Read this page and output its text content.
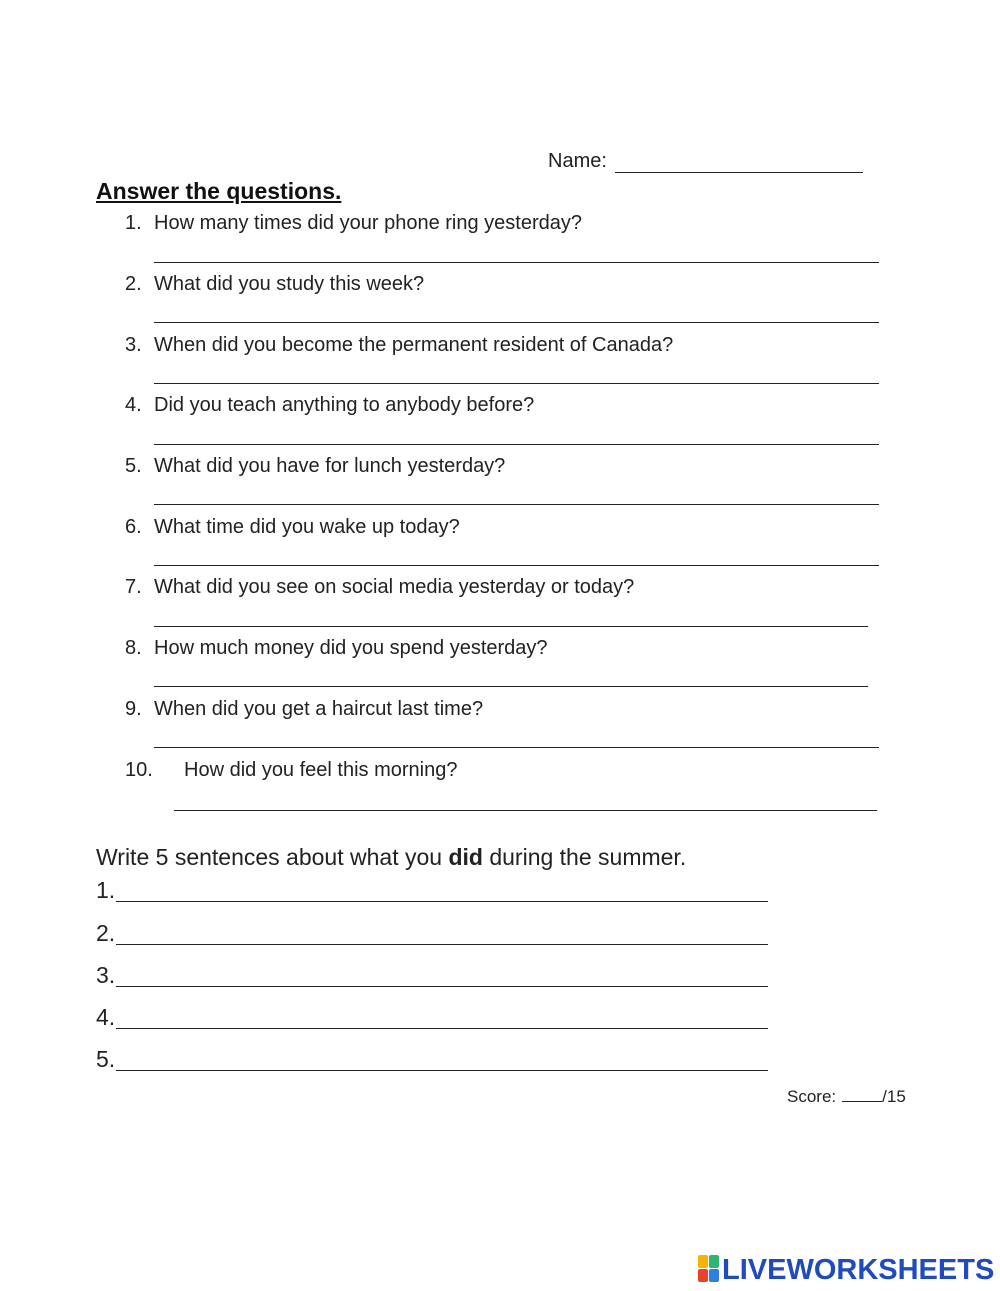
Name:
Answer the questions.
1. How many times did your phone ring yesterday?
2. What did you study this week?
3. When did you become the permanent resident of Canada?
4. Did you teach anything to anybody before?
5. What did you have for lunch yesterday?
6. What time did you wake up today?
7. What did you see on social media yesterday or today?
8. How much money did you spend yesterday?
9. When did you get a haircut last time?
10. How did you feel this morning?
Write 5 sentences about what you did during the summer.
1.
2.
3.
4.
5.
Score:	/15
LIVEWORKSHEETS
